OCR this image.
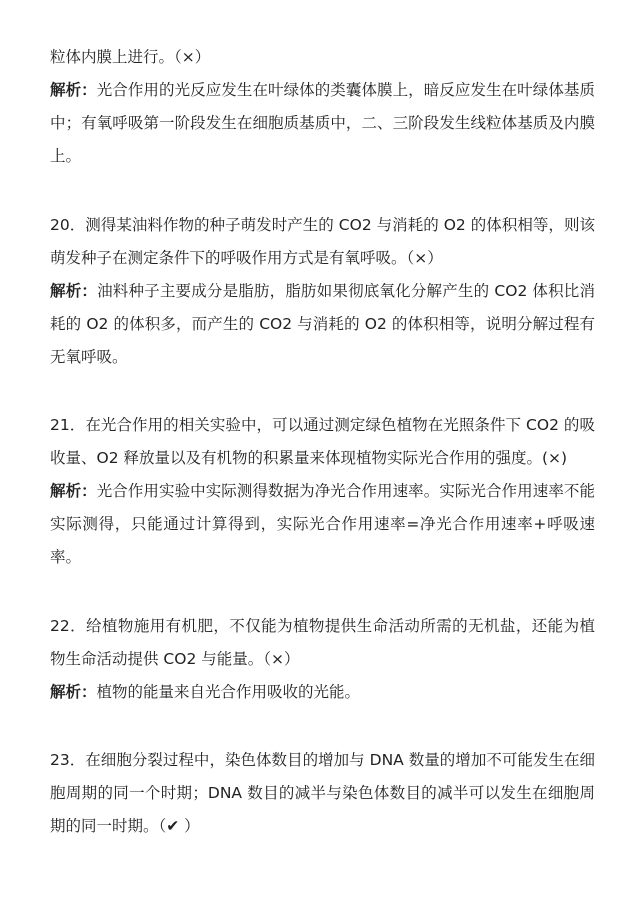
粒体内膜上进行。（×）

解析：光合作用的光反应发生在叶绿体的类囊体膜上，暗反应发生在叶绿体基质中；有氧呼吸第一阶段发生在细胞质基质中，二、三阶段发生线粒体基质及内膜上。

20．测得某油料作物的种子萌发时产生的 CO2 与消耗的 O2 的体积相等，则该萌发种子在测定条件下的呼吸作用方式是有氧呼吸。（×）

解析：油料种子主要成分是脂肪，脂肪如果彻底氧化分解产生的 CO2 体积比消耗的 O2 的体积多，而产生的 CO2 与消耗的 O2 的体积相等，说明分解过程有无氧呼吸。

21．在光合作用的相关实验中，可以通过测定绿色植物在光照条件下 CO2 的吸收量、O2 释放量以及有机物的积累量来体现植物实际光合作用的强度。(×)

解析：光合作用实验中实际测得数据为净光合作用速率。实际光合作用速率不能实际测得，只能通过计算得到，实际光合作用速率=净光合作用速率+呼吸速率。

22．给植物施用有机肥，不仅能为植物提供生命活动所需的无机盐，还能为植物生命活动提供 CO2 与能量。（×）

解析：植物的能量来自光合作用吸收的光能。

23．在细胞分裂过程中，染色体数目的增加与 DNA 数量的增加不可能发生在细胞周期的同一个时期；DNA 数目的减半与染色体数目的减半可以发生在细胞周期的同一时期。（✔ ）
